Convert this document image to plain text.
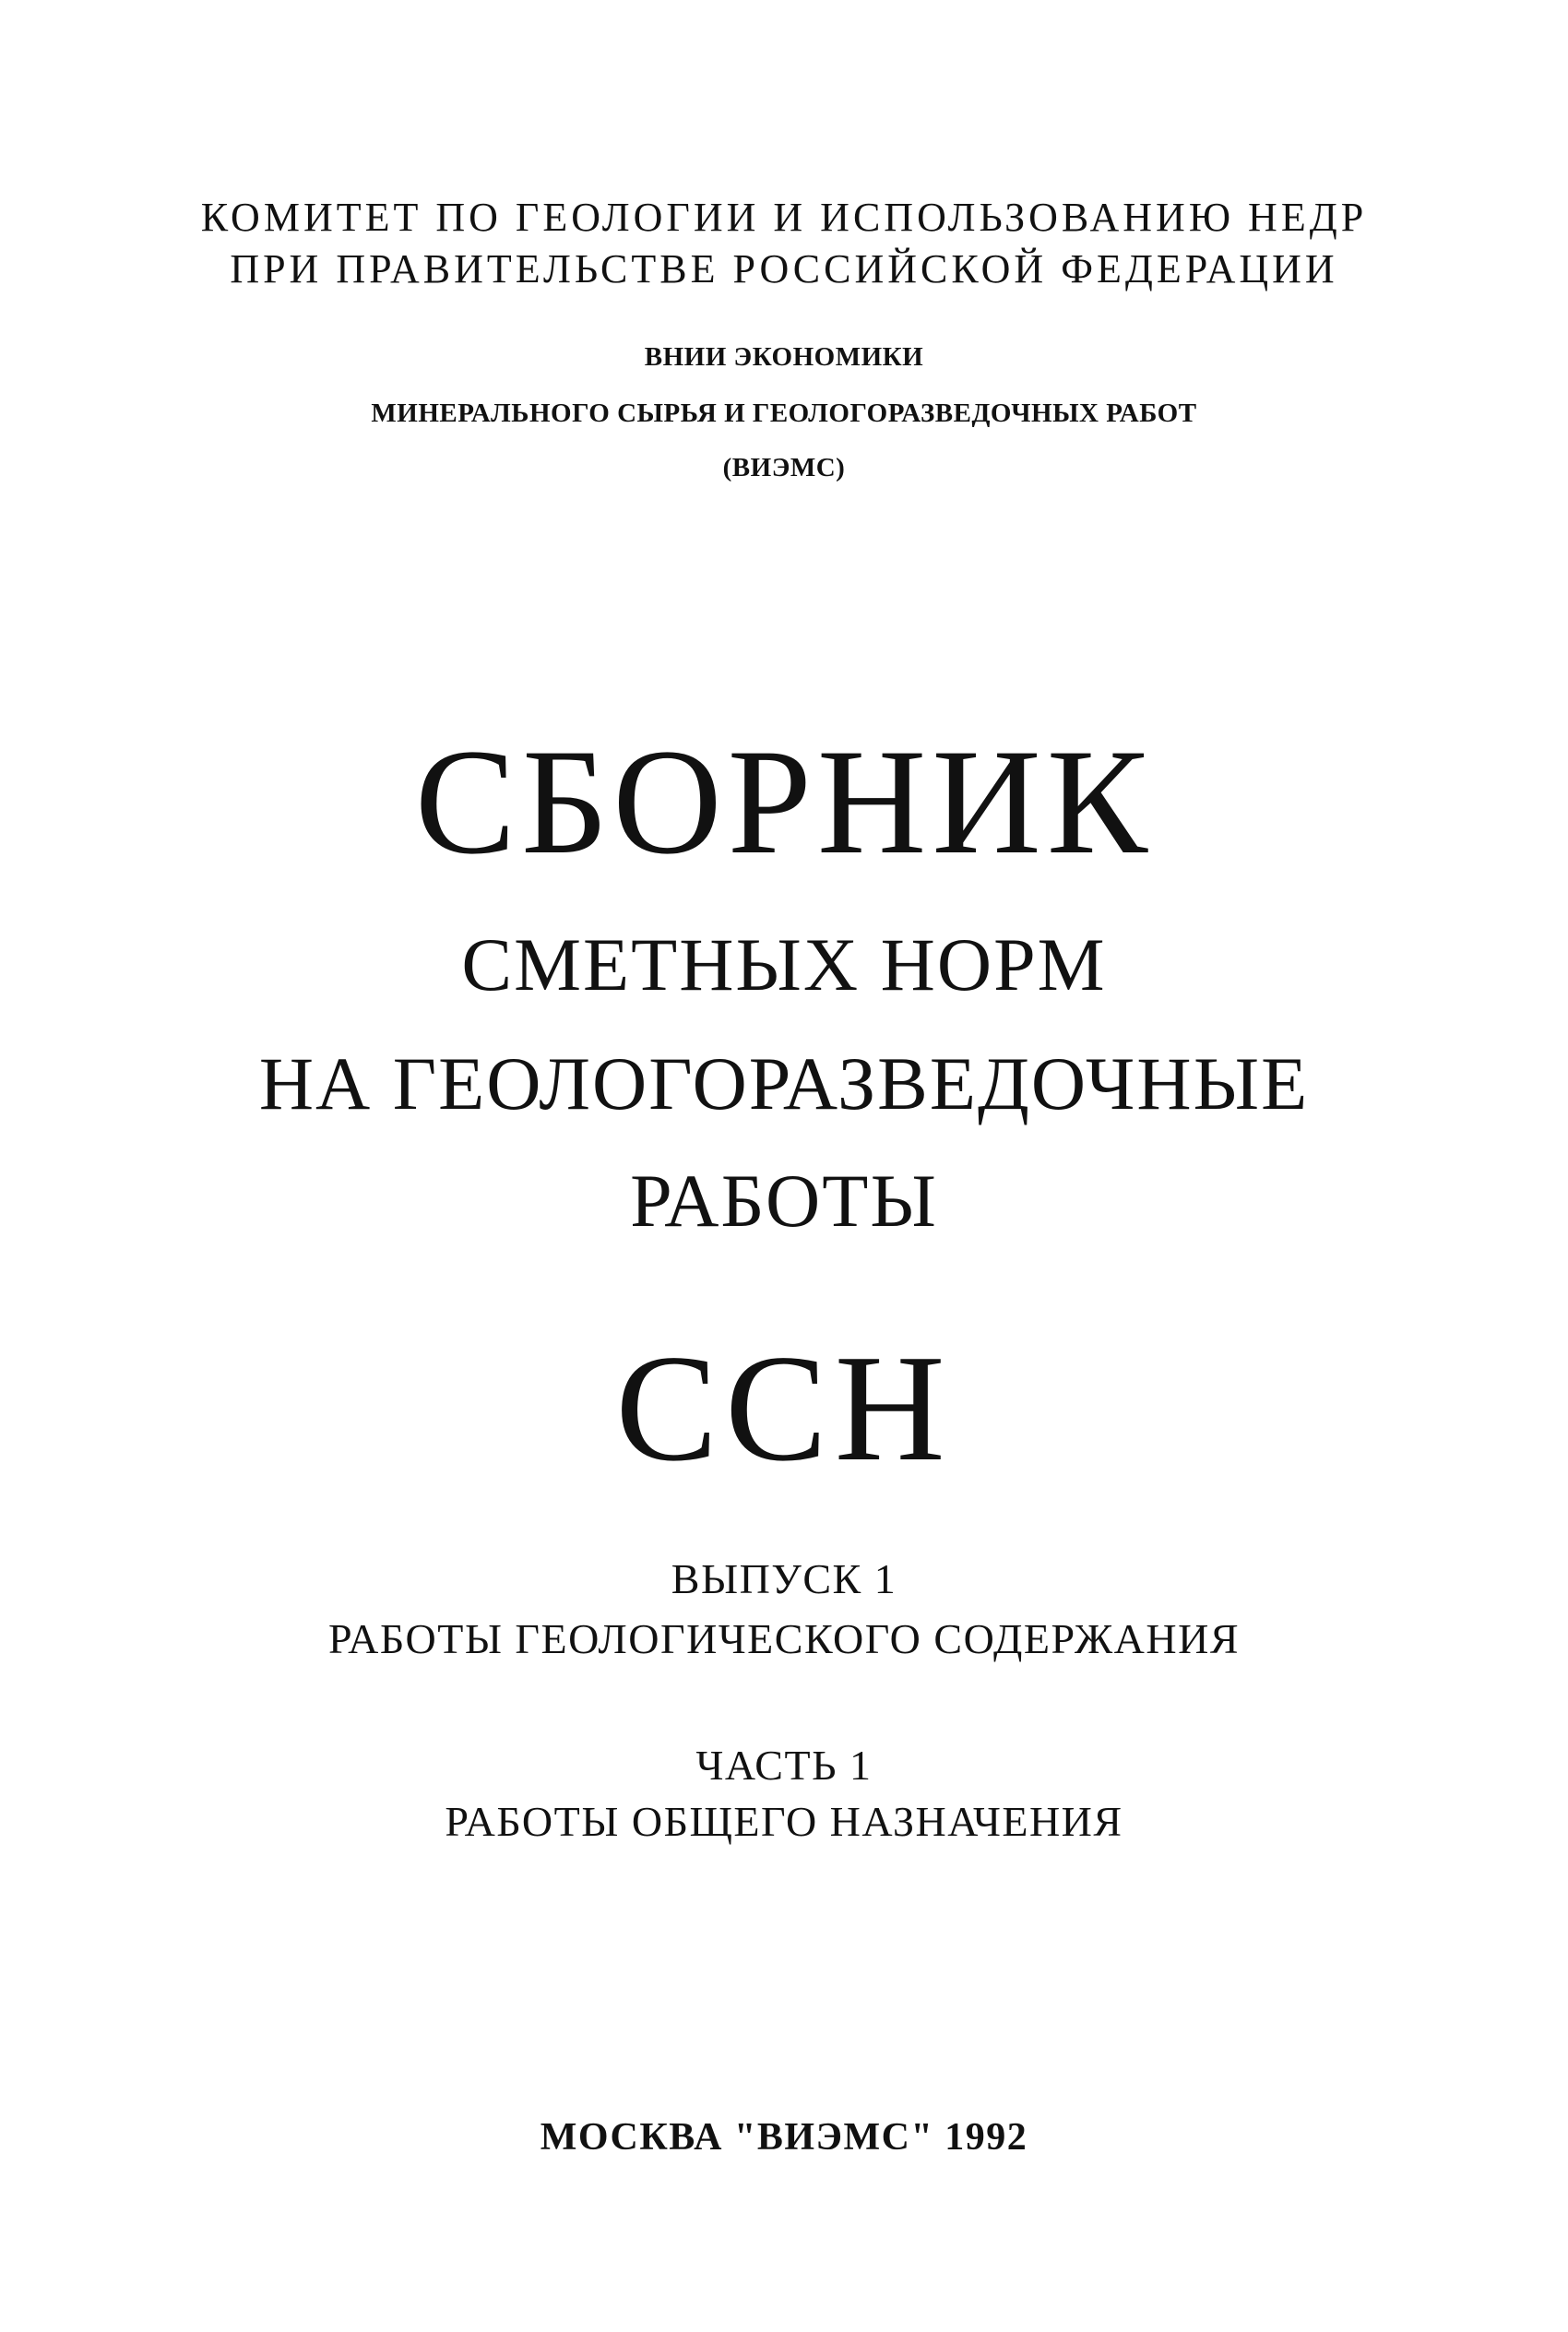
КОМИТЕТ ПО ГЕОЛОГИИ И ИСПОЛЬЗОВАНИЮ НЕДР
ПРИ ПРАВИТЕЛЬСТВЕ РОССИЙСКОЙ ФЕДЕРАЦИИ
ВНИИ ЭКОНОМИКИ
МИНЕРАЛЬНОГО СЫРЬЯ И ГЕОЛОГОРАЗВЕДОЧНЫХ РАБОТ
(ВИЭМС)
СБОРНИК
СМЕТНЫХ НОРМ
НА ГЕОЛОГОРАЗВЕДОЧНЫЕ
РАБОТЫ
ССН
ВЫПУСК 1
РАБОТЫ ГЕОЛОГИЧЕСКОГО СОДЕРЖАНИЯ
ЧАСТЬ 1
РАБОТЫ ОБЩЕГО НАЗНАЧЕНИЯ
МОСКВА "ВИЭМС" 1992
